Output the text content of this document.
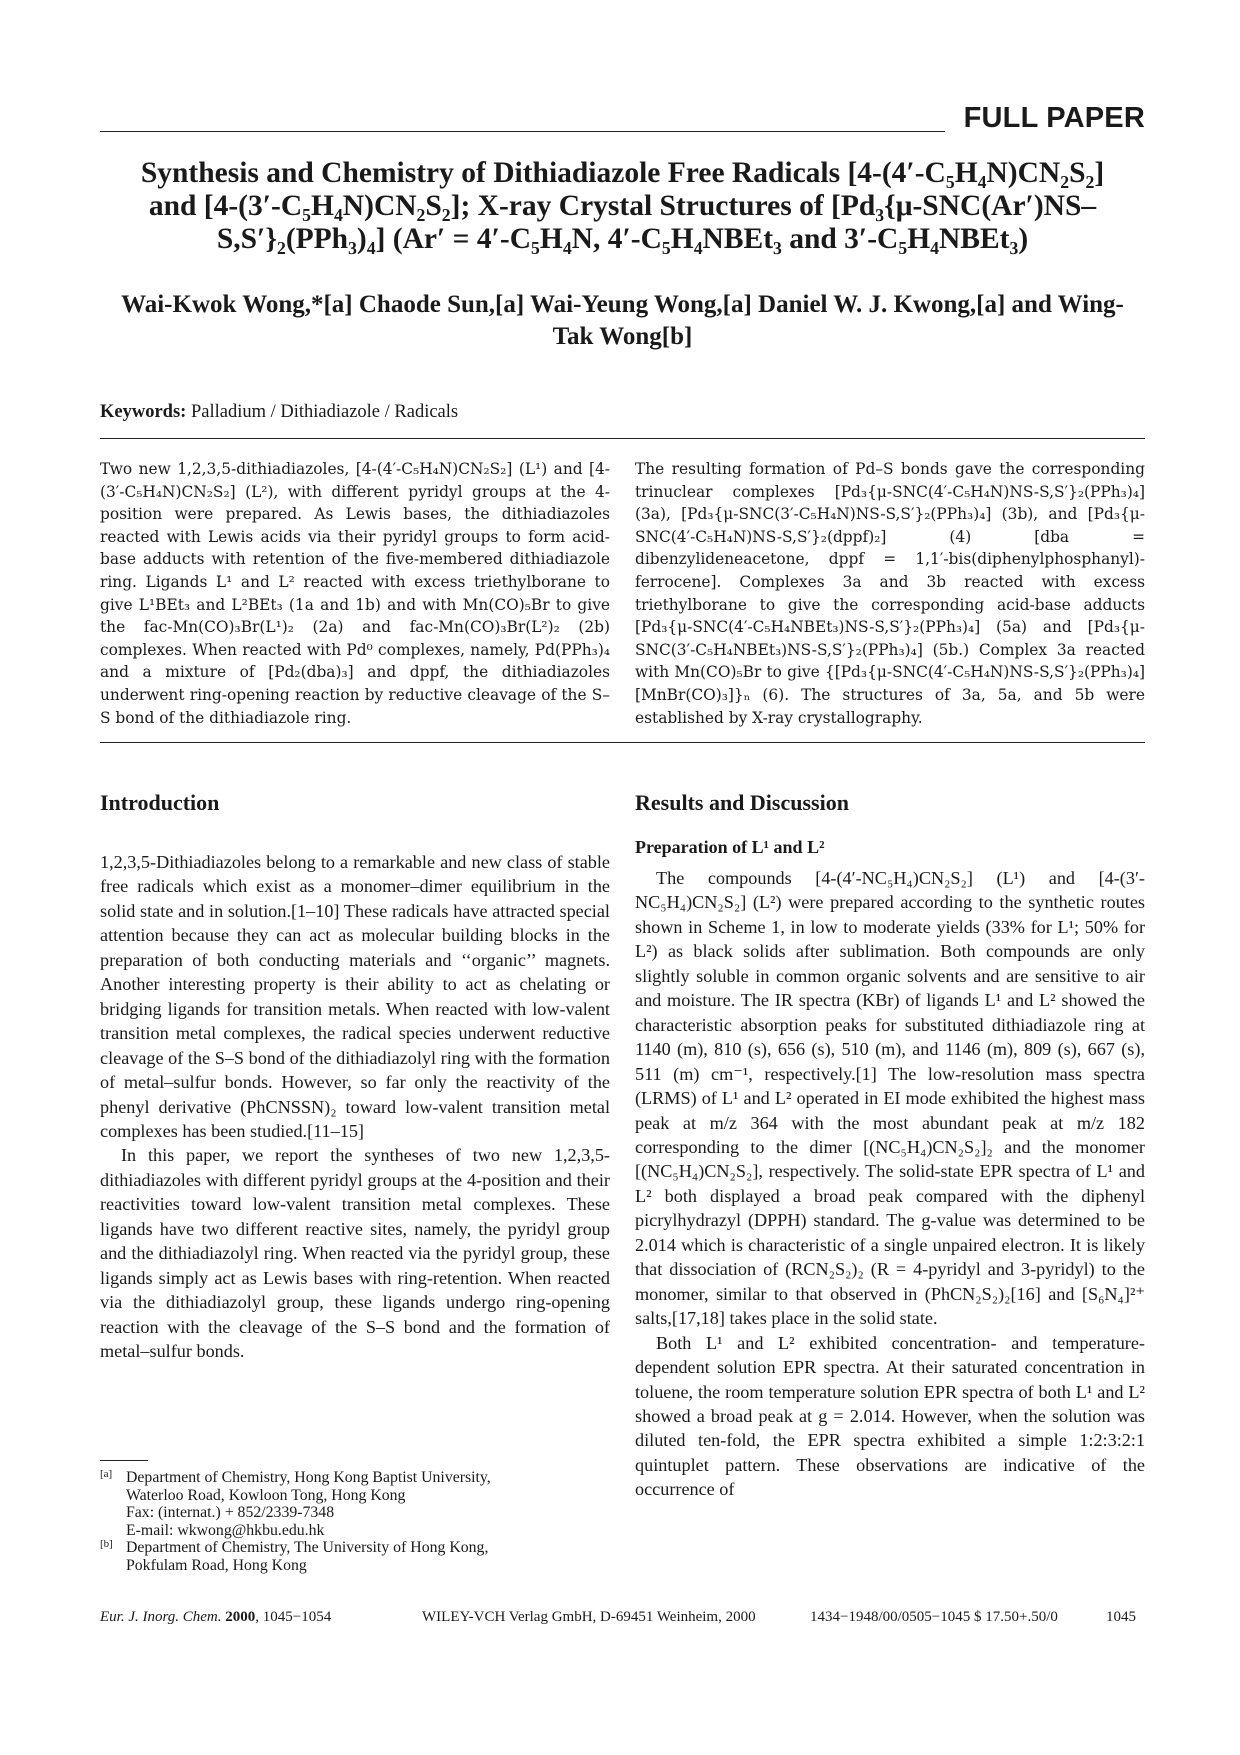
FULL PAPER
Synthesis and Chemistry of Dithiadiazole Free Radicals [4-(4′-C₅H₄N)CN₂S₂]
and [4-(3′-C₅H₄N)CN₂S₂]; X-ray Crystal Structures of [Pd₃{μ-SNC(Ar′)NS–
S,S′}₂(PPh₃)₄] (Ar′ = 4′-C₅H₄N, 4′-C₅H₄NBEt₃ and 3′-C₅H₄NBEt₃)
Wai-Kwok Wong,*[a] Chaode Sun,[a] Wai-Yeung Wong,[a] Daniel W. J. Kwong,[a] and Wing-
Tak Wong[b]
Keywords: Palladium / Dithiadiazole / Radicals

Two new 1,2,3,5-dithiadiazoles, [4-(4′-C₅H₄N)CN₂S₂] (L¹) and [4-(3′-C₅H₄N)CN₂S₂] (L²), with different pyridyl groups at the 4-position were prepared. As Lewis bases, the dithiadiazoles reacted with Lewis acids via their pyridyl groups to form acid-base adducts with retention of the five-membered dithiadiazole ring. Ligands L¹ and L² reacted with excess triethylborane to give L¹BEt₃ and L²BEt₃ (1a and 1b) and with Mn(CO)₅Br to give the fac-Mn(CO)₃Br(L¹)₂ (2a) and fac-Mn(CO)₃Br(L²)₂ (2b) complexes. When reacted with Pd⁰ complexes, namely, Pd(PPh₃)₄ and a mixture of [Pd₂(dba)₃] and dppf, the dithiadiazoles underwent ring-opening reaction by reductive cleavage of the S–S bond of the dithiadiazole ring.

The resulting formation of Pd–S bonds gave the corresponding trinuclear complexes [Pd₃{μ-SNC(4′-C₅H₄N)NS-S,S′}₂(PPh₃)₄] (3a), [Pd₃{μ-SNC(3′-C₅H₄N)NS-S,S′}₂(PPh₃)₄] (3b), and [Pd₃{μ-SNC(4′-C₅H₄N)NS-S,S′}₂(dppf)₂] (4) [dba = dibenzylideneacetone, dppf = 1,1′-bis(diphenylphosphanyl)-ferrocene]. Complexes 3a and 3b reacted with excess triethylborane to give the corresponding acid-base adducts [Pd₃{μ-SNC(4′-C₅H₄NBEt₃)NS-S,S′}₂(PPh₃)₄] (5a) and [Pd₃{μ-SNC(3′-C₅H₄NBEt₃)NS-S,S′}₂(PPh₃)₄] (5b.) Complex 3a reacted with Mn(CO)₅Br to give {[Pd₃{μ-SNC(4′-C₅H₄N)NS-S,S′}₂(PPh₃)₄][MnBr(CO)₃]}ₙ (6). The structures of 3a, 5a, and 5b were established by X-ray crystallography.

Introduction

1,2,3,5-Dithiadiazoles belong to a remarkable and new class of stable free radicals which exist as a monomer–dimer equilibrium in the solid state and in solution.[1–10] These radicals have attracted special attention because they can act as molecular building blocks in the preparation of both conducting materials and ‘‘organic’’ magnets. Another interesting property is their ability to act as chelating or bridging ligands for transition metals. When reacted with low-valent transition metal complexes, the radical species underwent reductive cleavage of the S–S bond of the dithiadiazolyl ring with the formation of metal–sulfur bonds. However, so far only the reactivity of the phenyl derivative (PhCNSSN)₂ toward low-valent transition metal complexes has been studied.[11–15]

In this paper, we report the syntheses of two new 1,2,3,5-dithiadiazoles with different pyridyl groups at the 4-position and their reactivities toward low-valent transition metal complexes. These ligands have two different reactive sites, namely, the pyridyl group and the dithiadiazolyl ring. When reacted via the pyridyl group, these ligands simply act as Lewis bases with ring-retention. When reacted via the dithiadiazolyl group, these ligands undergo ring-opening reaction with the cleavage of the S–S bond and the formation of metal–sulfur bonds.

Results and Discussion
Preparation of L¹ and L²

The compounds [4-(4′-NC₅H₄)CN₂S₂] (L¹) and [4-(3′-NC₅H₄)CN₂S₂] (L²) were prepared according to the synthetic routes shown in Scheme 1, in low to moderate yields (33% for L¹; 50% for L²) as black solids after sublimation. Both compounds are only slightly soluble in common organic solvents and are sensitive to air and moisture. The IR spectra (KBr) of ligands L¹ and L² showed the characteristic absorption peaks for substituted dithiadiazole ring at 1140 (m), 810 (s), 656 (s), 510 (m), and 1146 (m), 809 (s), 667 (s), 511 (m) cm⁻¹, respectively.[1] The low-resolution mass spectra (LRMS) of L¹ and L² operated in EI mode exhibited the highest mass peak at m/z 364 with the most abundant peak at m/z 182 corresponding to the dimer [(NC₅H₄)CN₂S₂]₂ and the monomer [(NC₅H₄)CN₂S₂], respectively. The solid-state EPR spectra of L¹ and L² both displayed a broad peak compared with the diphenyl picrylhydrazyl (DPPH) standard. The g-value was determined to be 2.014 which is characteristic of a single unpaired electron. It is likely that dissociation of (RCN₂S₂)₂ (R = 4-pyridyl and 3-pyridyl) to the monomer, similar to that observed in (PhCN₂S₂)₂[16] and [S₆N₄]²⁺ salts,[17,18] takes place in the solid state.

Both L¹ and L² exhibited concentration- and temperature-dependent solution EPR spectra. At their saturated concentration in toluene, the room temperature solution EPR spectra of both L¹ and L² showed a broad peak at g = 2.014. However, when the solution was diluted ten-fold, the EPR spectra exhibited a simple 1:2:3:2:1 quintuplet pattern. These observations are indicative of the occurrence of

[a] Department of Chemistry, Hong Kong Baptist University,
Waterloo Road, Kowloon Tong, Hong Kong
Fax: (internat.) + 852/2339-7348
E-mail: wkwong@hkbu.edu.hk
[b] Department of Chemistry, The University of Hong Kong,
Pokfulam Road, Hong Kong
Eur. J. Inorg. Chem. 2000, 1045−1054	WILEY-VCH Verlag GmbH, D-69451 Weinheim, 2000	1434−1948/00/0505−1045 $ 17.50+.50/0	1045
